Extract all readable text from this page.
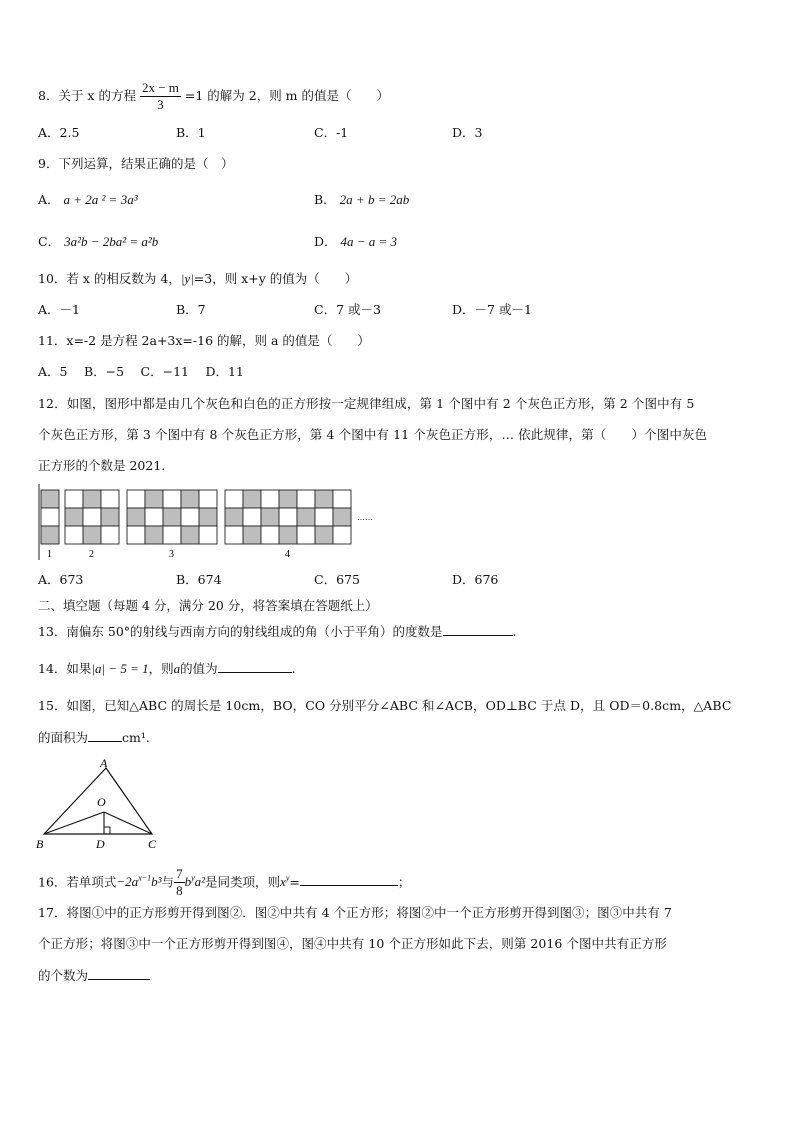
8．关于 x 的方程 $\frac{2x - m}{3} =1$ 的解为 2，则 m 的值是（　　）
A．2.5	B．1	C．-1	D．3
9．下列运算，结果正确的是（　）
A． a + 2a ² = 3a³	B． 2a + b = 2ab
C． 3a²b − 2ba² = a²b	D． 4a − a = 3
10．若 x 的相反数为 4，|y|=3，则 x+y 的值为（　　）
A．－1	B．7	C．7 或－3	D．－7 或－1
11．x=-2 是方程 2a+3x=-16 的解，则 a 的值是（　　）
A．5　 B．−5　 C．−11　 D．11
12．如图，图形中都是由几个灰色和白色的正方形按一定规律组成，第 1 个图中有 2 个灰色正方形，第 2 个图中有 5
个灰色正方形，第 3 个图中有 8 个灰色正方形，第 4 个图中有 11 个灰色正方形，… 依此规律，第（　　）个图中灰色
正方形的个数是 2021.
1	2	3	4
……
A．673	B．674	C．675	D．676
二、填空题（每题 4 分，满分 20 分，将答案填在答题纸上）
13．南偏东 50°的射线与西南方向的射线组成的角（小于平角）的度数是	.
14．如果|a| − 5 = 1，则a的值为	.
15．如图，已知△ABC 的周长是 10cm，BO，CO 分别平分∠ABC 和∠ACB，OD⊥BC 于点 D，且 OD＝0.8cm，△ABC
的面积为	cm¹.
A
O
B	D	C
16．若单项式$-2a^{x-1}b^3$与 $\frac{7}{8} b^ya^2$是同类项，则$x^y=$	；
17．将图①中的正方形剪开得到图②．图②中共有 4 个正方形；将图②中一个正方形剪开得到图③；图③中共有 7
个正方形；将图③中一个正方形剪开得到图④，图④中共有 10 个正方形如此下去，则第 2016 个图中共有正方形
的个数为
